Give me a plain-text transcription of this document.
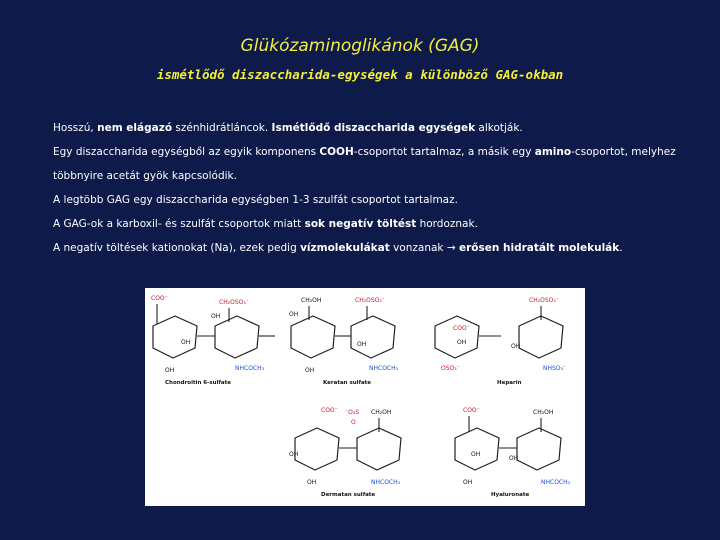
Glükózaminoglikánok (GAG)
ismétlődő diszaccharida-egységek a különböző GAG-okban
Hosszú, nem elágazó szénhidrátláncok. Ismétlődő diszaccharida egységek alkotják.
Egy diszaccharida egységből az egyik komponens COOH-csoportot tartalmaz, a másik egy amino-csoportot, melyhez
többnyire acetát gyök kapcsolódik.
A legtöbb GAG egy diszaccharida egységben 1-3 szulfát csoportot tartalmaz.
A GAG-ok a karboxil- és szulfát csoportok miatt sok negatív töltést hordoznak.
A negatív töltések kationokat (Na), ezek pedig vízmolekulákat vonzanak → erősen hidratált molekulák.
COO⁻
OH
OH
CH₂OSO₃⁻
OH
NHCOCH₃
Chondroitin 6-sulfate
CH₂OH
OH
OH
CH₂OSO₃⁻
OH
NHCOCH₃
Keratan sulfate
COO⁻
OH
OSO₃⁻
CH₂OSO₃⁻
OH
NHSO₃⁻
Heparin
COO⁻
OH
OH
⁻O₃S
O
CH₂OH
NHCOCH₃
Dermatan sulfate
COO⁻
OH
OH
CH₂OH
OH
NHCOCH₃
Hyaluronate
